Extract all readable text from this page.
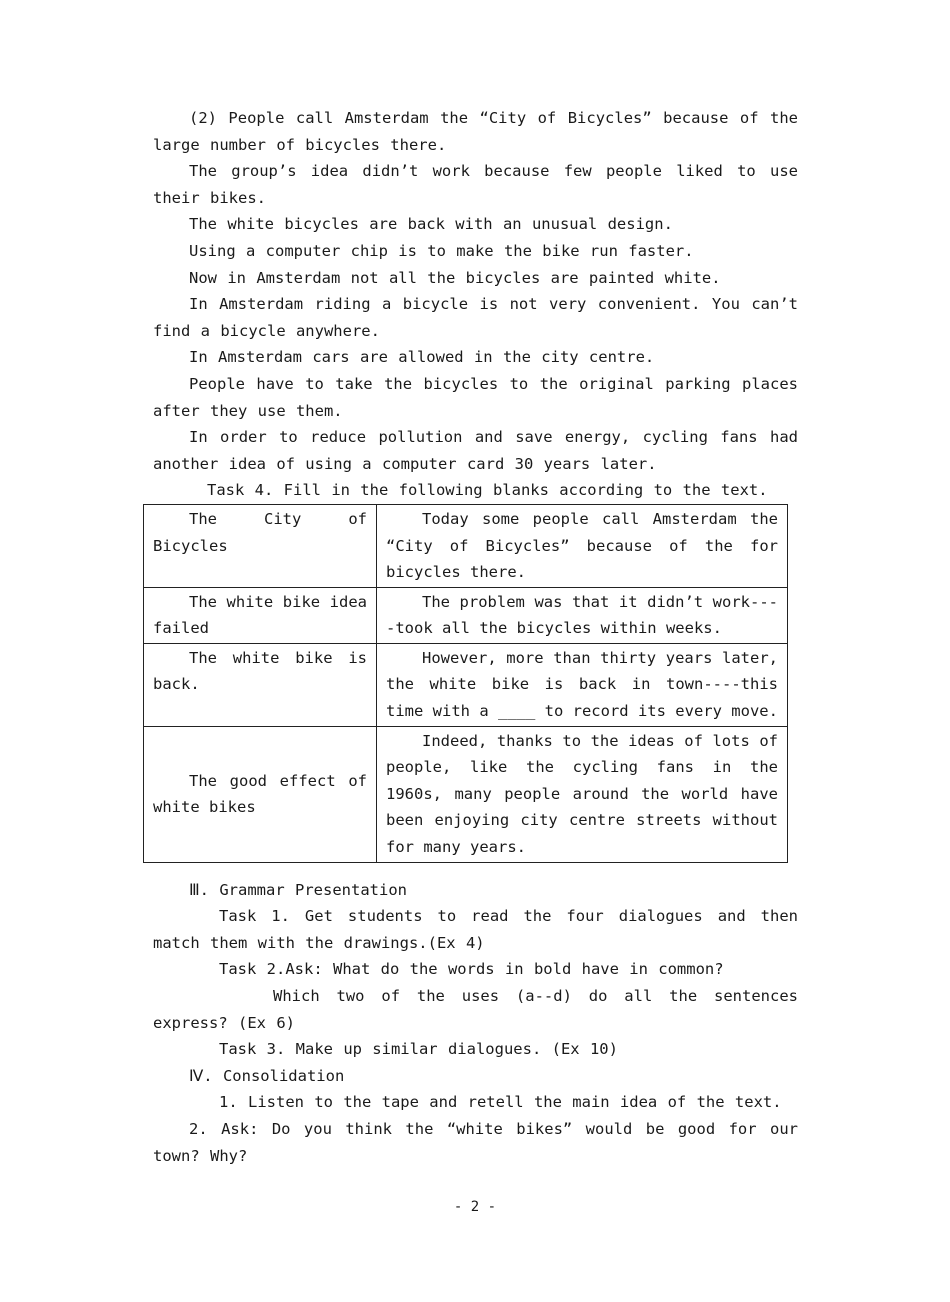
(2) People call Amsterdam the “City of Bicycles” because of the large number of bicycles there.

The group’s idea didn’t work because few people liked to use their bikes.

The white bicycles are back with an unusual design.

Using a computer chip is to make the bike run faster.

Now in Amsterdam not all the bicycles are painted white.

In Amsterdam riding a bicycle is not very convenient. You can’t find a bicycle anywhere.

In Amsterdam cars are allowed in the city centre.

People have to take the bicycles to the original parking places after they use them.

In order to reduce pollution and save energy, cycling fans had another idea of using a computer card 30 years later.

Task 4. Fill in the following blanks according to the text.

The City of Bicycles	Today some people call Amsterdam the “City of Bicycles” because of the for bicycles there.

The white bike idea failed	The problem was that it didn’t work----took all the bicycles within weeks.

The white bike is back.	However, more than thirty years later, the white bike is back in town----this time with a ____ to record its every move.

The good effect of white bikes	Indeed, thanks to the ideas of lots of people, like the cycling fans in the 1960s, many people around the world have been enjoying city centre streets without for many years.

Ⅲ. Grammar Presentation

Task 1. Get students to read the four dialogues and then match them with the drawings.(Ex 4)

Task 2.Ask: What do the words in bold have in common?

Which two of the uses (a--d) do all the sentences express? (Ex 6)

Task 3. Make up similar dialogues. (Ex 10)

Ⅳ. Consolidation

1. Listen to the tape and retell the main idea of the text.

2. Ask: Do you think the “white bikes” would be good for our town? Why?

- 2 -
